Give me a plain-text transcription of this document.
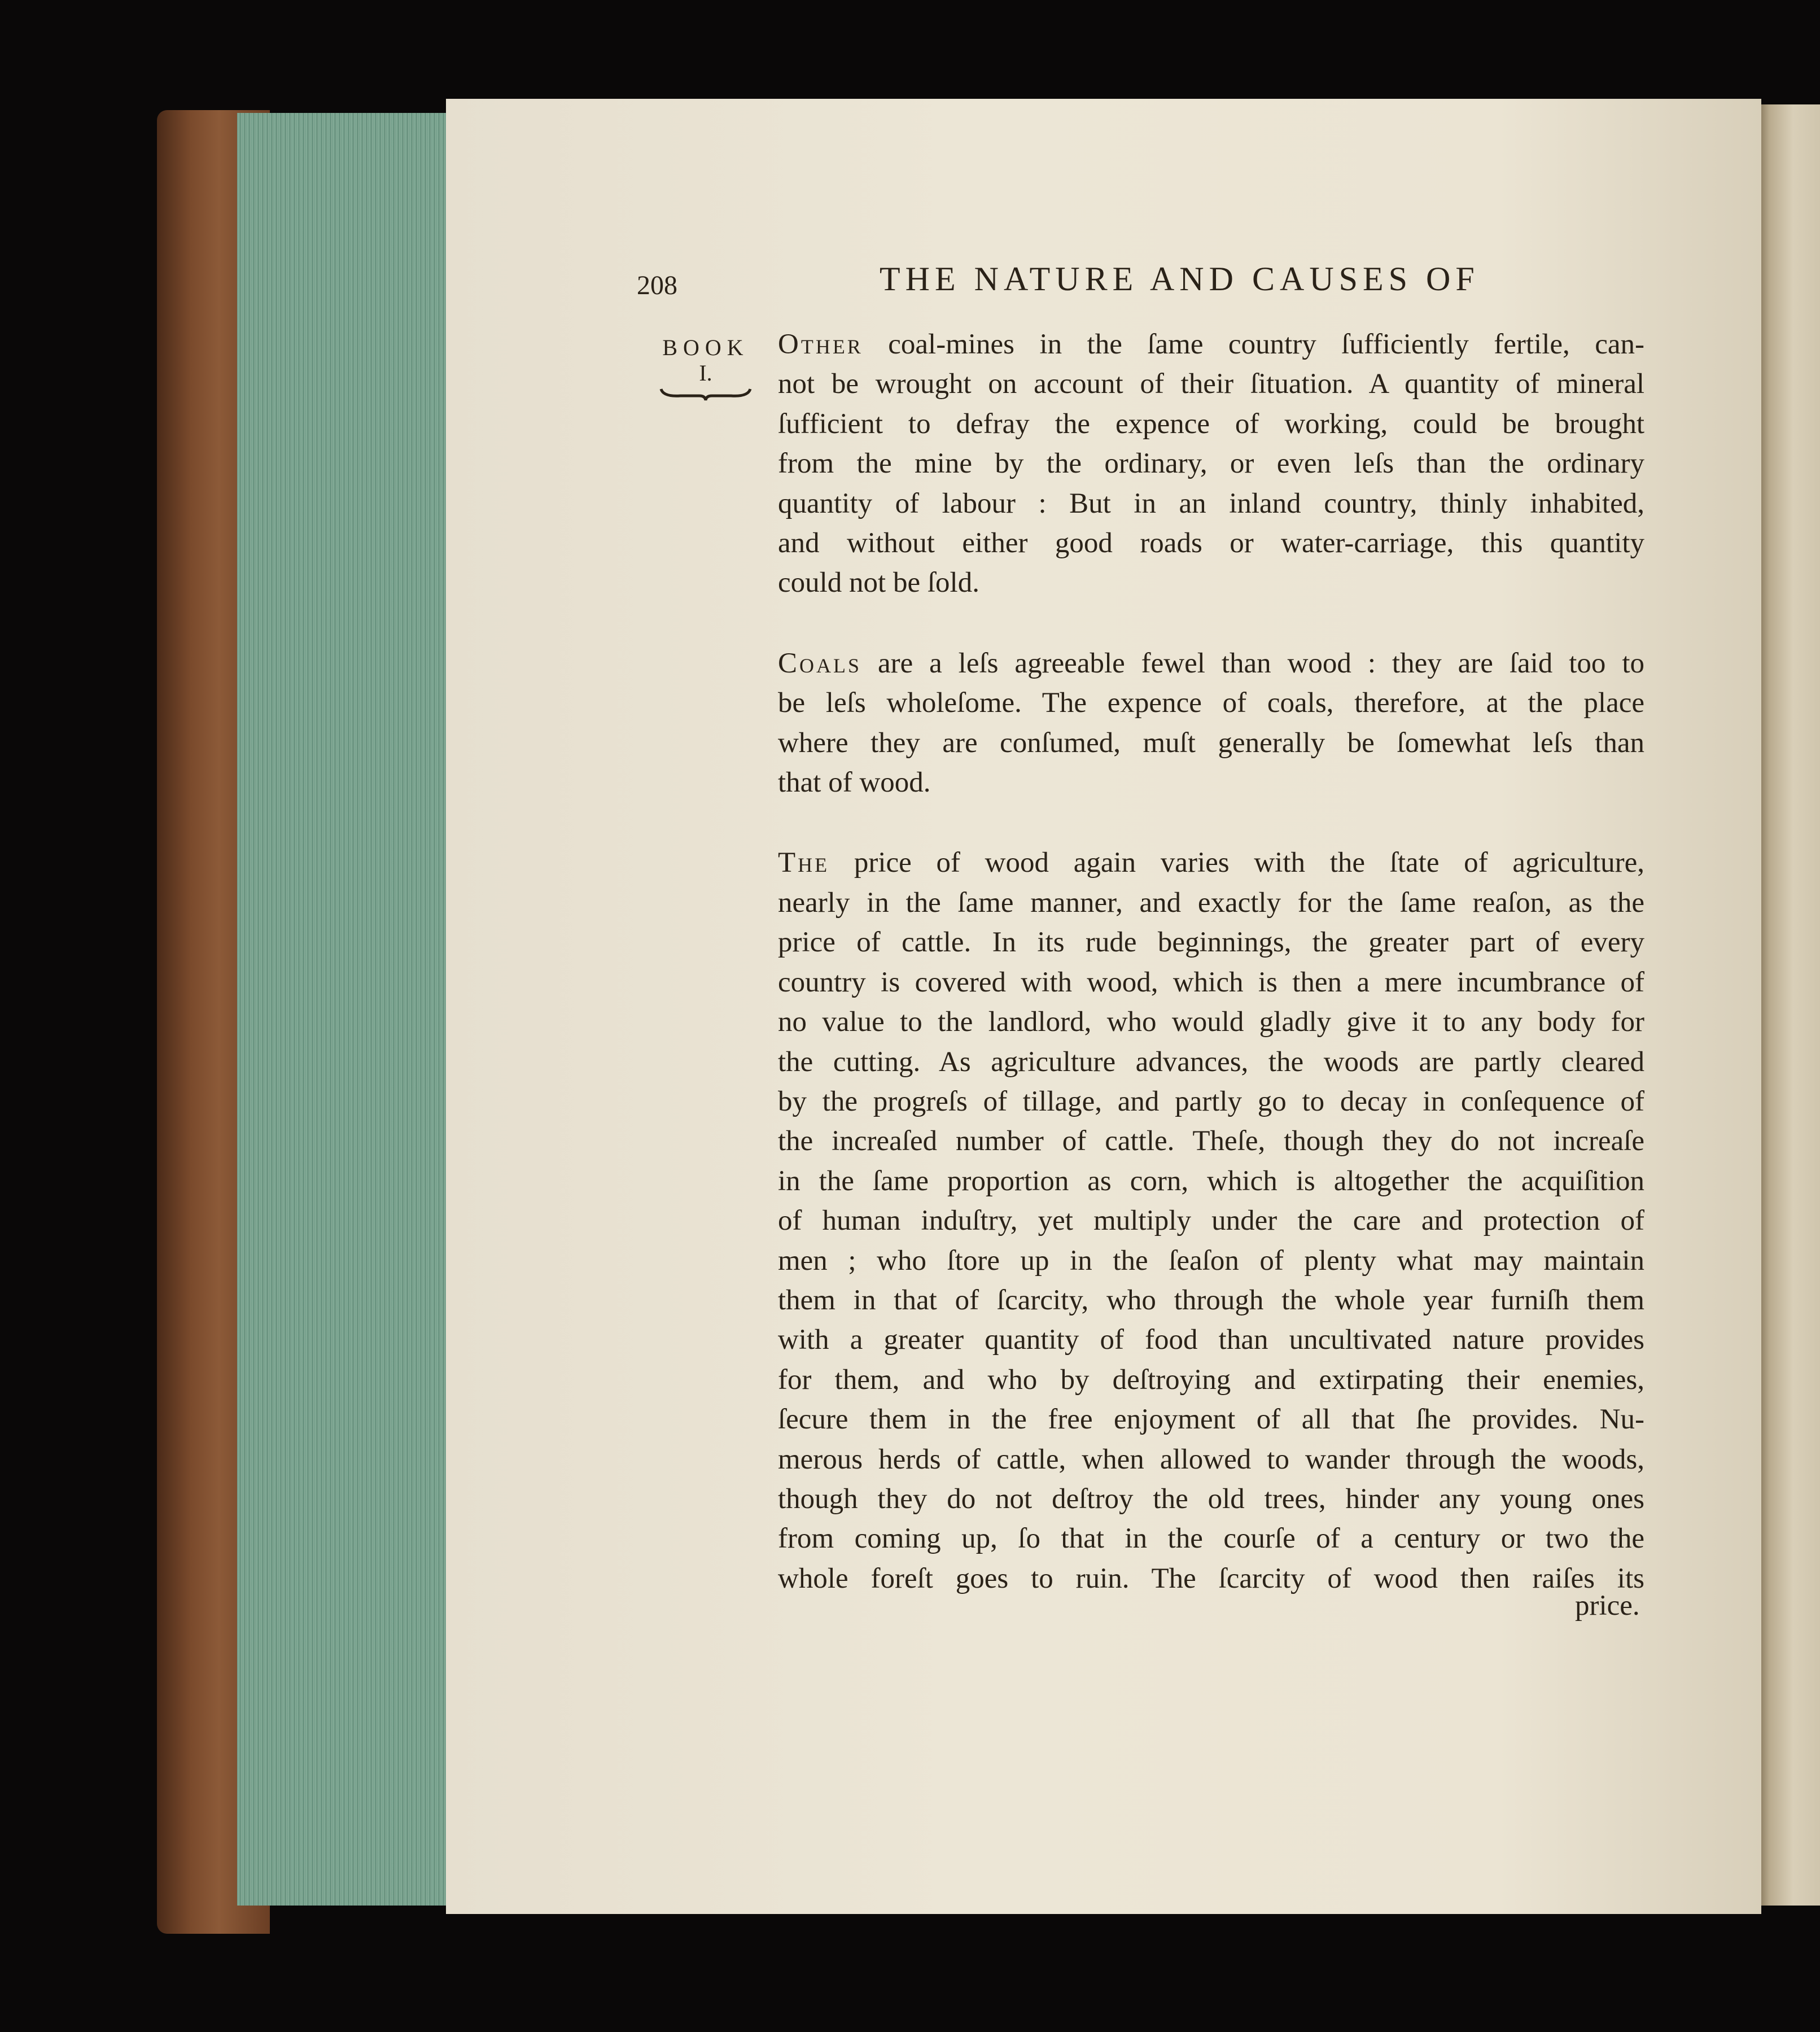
208	THE NATURE AND CAUSES OF
BOOK
I.
Other coal-mines in the ſame country ſufficiently fertile, can-
not be wrought on account of their ſituation. A quantity of mineral
ſufficient to defray the expence of working, could be brought
from the mine by the ordinary, or even leſs than the ordinary
quantity of labour : But in an inland country, thinly inhabited,
and without either good roads or water-carriage, this quantity
could not be ſold.
Coals are a leſs agreeable fewel than wood : they are ſaid too to
be leſs wholeſome. The expence of coals, therefore, at the place
where they are conſumed, muſt generally be ſomewhat leſs than
that of wood.
The price of wood again varies with the ſtate of agriculture,
nearly in the ſame manner, and exactly for the ſame reaſon, as the
price of cattle. In its rude beginnings, the greater part of every
country is covered with wood, which is then a mere incumbrance of
no value to the landlord, who would gladly give it to any body for
the cutting. As agriculture advances, the woods are partly cleared
by the progreſs of tillage, and partly go to decay in conſequence of
the increaſed number of cattle. Theſe, though they do not increaſe
in the ſame proportion as corn, which is altogether the acquiſition
of human induſtry, yet multiply under the care and protection of
men ; who ſtore up in the ſeaſon of plenty what may maintain
them in that of ſcarcity, who through the whole year furniſh them
with a greater quantity of food than uncultivated nature provides
for them, and who by deſtroying and extirpating their enemies,
ſecure them in the free enjoyment of all that ſhe provides. Nu-
merous herds of cattle, when allowed to wander through the woods,
though they do not deſtroy the old trees, hinder any young ones
from coming up, ſo that in the courſe of a century or two the
whole foreſt goes to ruin. The ſcarcity of wood then raiſes its
price.
